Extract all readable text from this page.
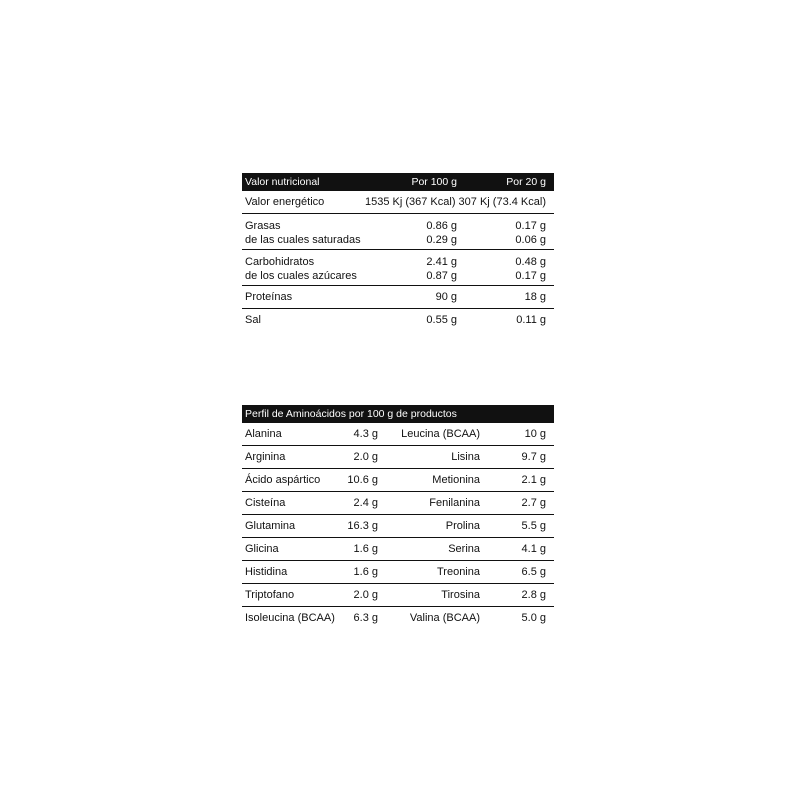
Valor nutricional	Por 100 g	Por 20 g
Valor energético	1535 Kj (367 Kcal) 307 Kj (73.4 Kcal)
Grasas	0.86 g	0.17 g
de las cuales saturadas	0.29 g	0.06 g
Carbohidratos	2.41 g	0.48 g
de los cuales azúcares	0.87 g	0.17 g
Proteínas	90 g	18 g
Sal	0.55 g	0.11 g
Perfil de Aminoácidos por 100 g de productos
Alanina	4.3 g Leucina (BCAA)	10 g
Arginina	2.0 g	Lisina	9.7 g
Ácido aspártico 10.6 g	Metionina	2.1 g
Cisteína	2.4 g	Fenilanina	2.7 g
Glutamina	16.3 g	Prolina	5.5 g
Glicina	1.6 g	Serina	4.1 g
Histidina	1.6 g	Treonina	6.5 g
Triptofano	2.0 g	Tirosina	2.8 g
Isoleucina (BCAA) 6.3 g	Valina (BCAA)	5.0 g
